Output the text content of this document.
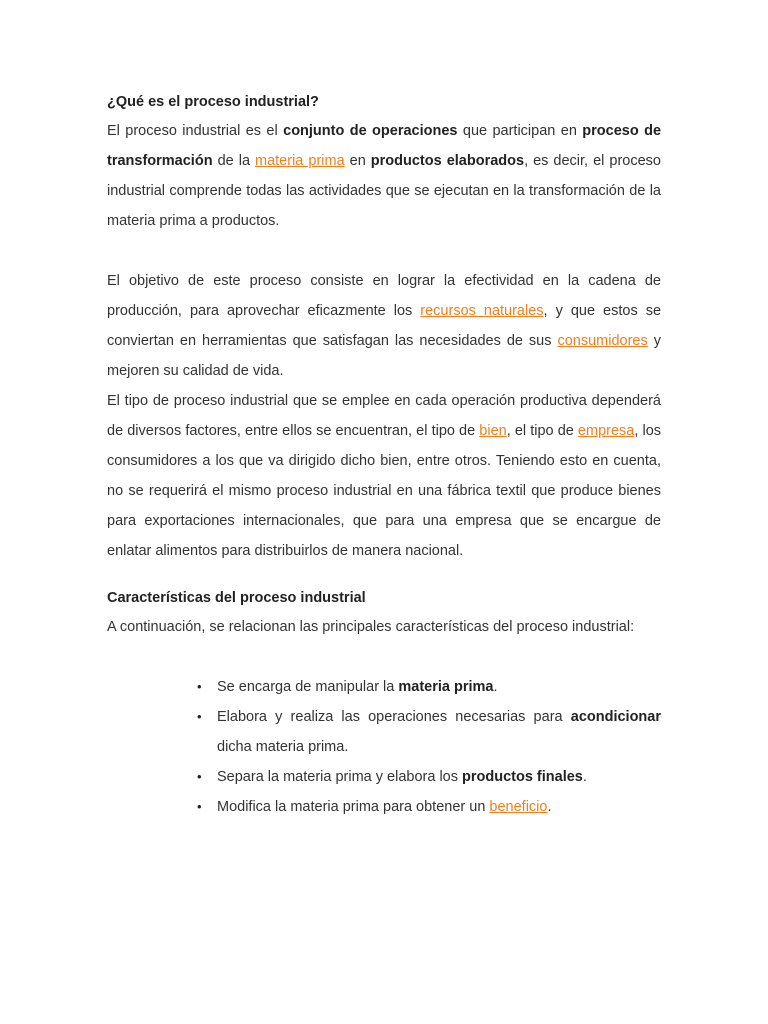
¿Qué es el proceso industrial?

El proceso industrial es el conjunto de operaciones que participan en proceso de transformación de la materia prima en productos elaborados, es decir, el proceso industrial comprende todas las actividades que se ejecutan en la transformación de la materia prima a productos.

El objetivo de este proceso consiste en lograr la efectividad en la cadena de producción, para aprovechar eficazmente los recursos naturales, y que estos se conviertan en herramientas que satisfagan las necesidades de sus consumidores y mejoren su calidad de vida.

El tipo de proceso industrial que se emplee en cada operación productiva dependerá de diversos factores, entre ellos se encuentran, el tipo de bien, el tipo de empresa, los consumidores a los que va dirigido dicho bien, entre otros. Teniendo esto en cuenta, no se requerirá el mismo proceso industrial en una fábrica textil que produce bienes para exportaciones internacionales, que para una empresa que se encargue de enlatar alimentos para distribuirlos de manera nacional.

Características del proceso industrial

A continuación, se relacionan las principales características del proceso industrial:

• Se encarga de manipular la materia prima.
• Elabora y realiza las operaciones necesarias para acondicionar dicha materia prima.
• Separa la materia prima y elabora los productos finales.
• Modifica la materia prima para obtener un beneficio.
